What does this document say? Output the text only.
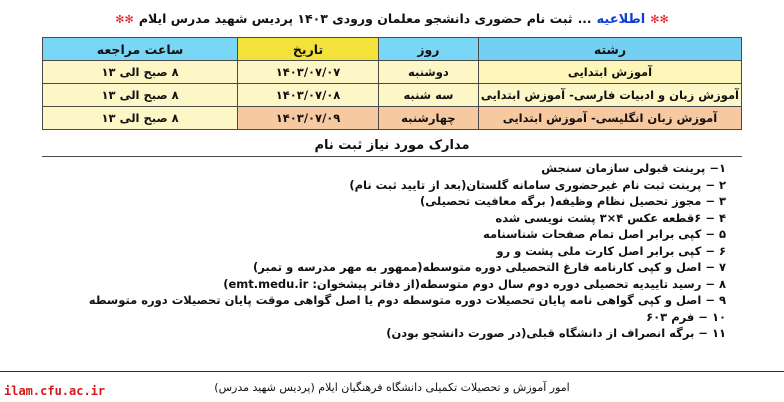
✻✻ اطلاعیه ... ثبت نام حضوری دانشجو معلمان ورودی ۱۴۰۳ پردیس شهید مدرس ایلام ✻✻
رشته	روز	تاریخ	ساعت مراجعه
آموزش ابتدایی	دوشنبه	۱۴۰۳/۰۷/۰۷	۸ صبح الی ۱۳
آموزش زبان و ادبیات فارسی- آموزش ابتدایی	سه شنبه	۱۴۰۳/۰۷/۰۸	۸ صبح الی ۱۳
آموزش زبان انگلیسی- آموزش ابتدایی	چهارشنبه	۱۴۰۳/۰۷/۰۹	۸ صبح الی ۱۳
مدارک مورد نیاز ثبت نام
۱− پرینت قبولی سازمان سنجش
۲ − پرینت ثبت نام غیرحضوری سامانه گلستان(بعد از تایید ثبت نام)
۳ − مجوز تحصیل نظام وظیفه( برگه معافیت تحصیلی)
۴ − ۶قطعه عکس ۴×۳ پشت نویسی شده
۵ − کپی برابر اصل تمام صفحات شناسنامه
۶ − کپی برابر اصل کارت ملی پشت و رو
۷ − اصل و کپی کارنامه فارغ التحصیلی دوره متوسطه(ممهور به مهر مدرسه و تمبر)
۸ − رسید تاییدیه تحصیلی دوره دوم سال دوم متوسطه(از دفاتر پیشخوان: emt.medu.ir)
۹ − اصل و کپی گواهی نامه پایان تحصیلات دوره متوسطه دوم یا اصل گواهی موقت پایان تحصیلات دوره متوسطه
۱۰ − فرم ۶۰۳
۱۱ − برگه انصراف از دانشگاه قبلی(در صورت دانشجو بودن)
امور آموزش و تحصیلات تکمیلی دانشگاه فرهنگیان ایلام (پردیس شهید مدرس)
ilam.cfu.ac.ir
